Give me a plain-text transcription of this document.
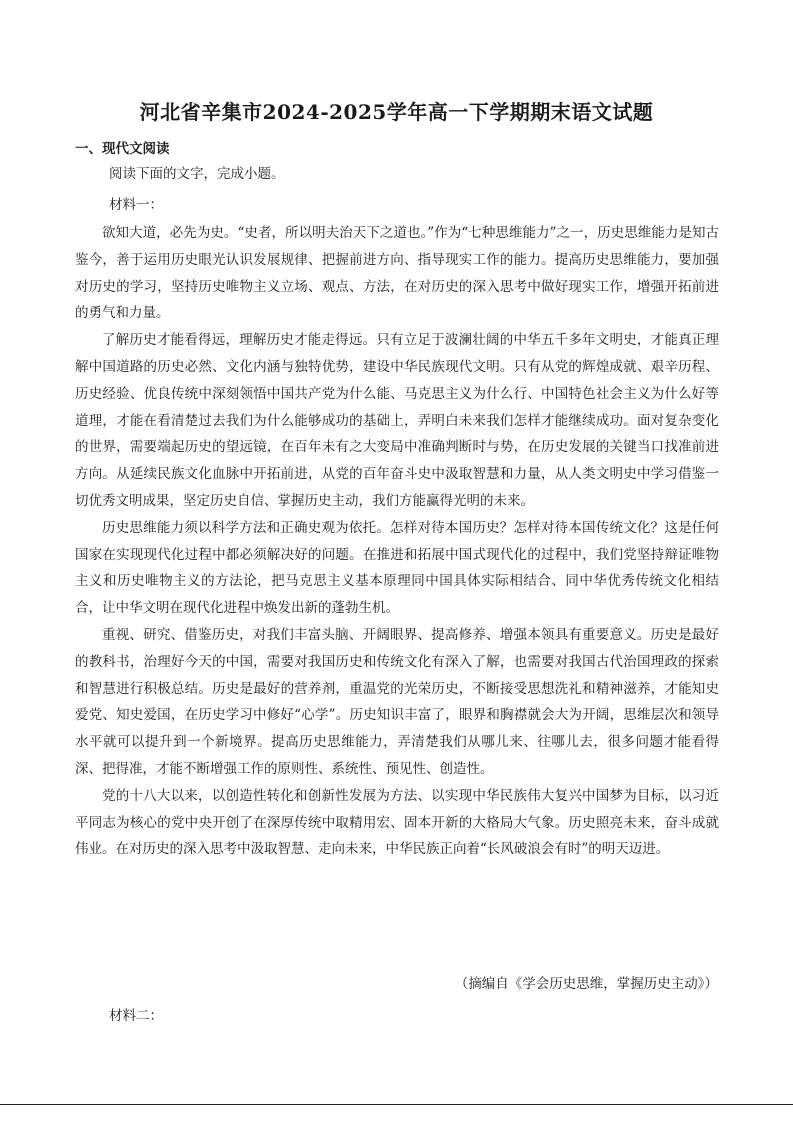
河北省辛集市2024-2025学年高一下学期期末语文试题
一、现代文阅读
阅读下面的文字，完成小题。
材料一：

欲知大道，必先为史。“史者，所以明夫治天下之道也。”作为“七种思维能力”之一，历史思维能力是知古鉴今，善于运用历史眼光认识发展规律、把握前进方向、指导现实工作的能力。提高历史思维能力，要加强对历史的学习，坚持历史唯物主义立场、观点、方法，在对历史的深入思考中做好现实工作，增强开拓前进的勇气和力量。

了解历史才能看得远，理解历史才能走得远。只有立足于波澜壮阔的中华五千多年文明史，才能真正理解中国道路的历史必然、文化内涵与独特优势，建设中华民族现代文明。只有从党的辉煌成就、艰辛历程、历史经验、优良传统中深刻领悟中国共产党为什么能、马克思主义为什么行、中国特色社会主义为什么好等道理，才能在看清楚过去我们为什么能够成功的基础上，弄明白未来我们怎样才能继续成功。面对复杂变化的世界，需要端起历史的望远镜，在百年未有之大变局中准确判断时与势，在历史发展的关键当口找准前进方向。从延续民族文化血脉中开拓前进，从党的百年奋斗史中汲取智慧和力量，从人类文明史中学习借鉴一切优秀文明成果，坚定历史自信、掌握历史主动，我们方能赢得光明的未来。

历史思维能力须以科学方法和正确史观为依托。怎样对待本国历史？怎样对待本国传统文化？这是任何国家在实现现代化过程中都必须解决好的问题。在推进和拓展中国式现代化的过程中，我们党坚持辩证唯物主义和历史唯物主义的方法论，把马克思主义基本原理同中国具体实际相结合、同中华优秀传统文化相结合，让中华文明在现代化进程中焕发出新的蓬勃生机。

重视、研究、借鉴历史，对我们丰富头脑、开阔眼界、提高修养、增强本领具有重要意义。历史是最好的教科书，治理好今天的中国，需要对我国历史和传统文化有深入了解，也需要对我国古代治国理政的探索和智慧进行积极总结。历史是最好的营养剂，重温党的光荣历史，不断接受思想洗礼和精神滋养，才能知史爱党、知史爱国，在历史学习中修好“心学”。历史知识丰富了，眼界和胸襟就会大为开阔，思维层次和领导水平就可以提升到一个新境界。提高历史思维能力，弄清楚我们从哪儿来、往哪儿去，很多问题才能看得深、把得准，才能不断增强工作的原则性、系统性、预见性、创造性。

党的十八大以来，以创造性转化和创新性发展为方法、以实现中华民族伟大复兴中国梦为目标，以习近平同志为核心的党中央开创了在深厚传统中取精用宏、固本开新的大格局大气象。历史照亮未来，奋斗成就伟业。在对历史的深入思考中汲取智慧、走向未来，中华民族正向着“长风破浪会有时”的明天迈进。

（摘编自《学会历史思维，掌握历史主动》）
材料二：
